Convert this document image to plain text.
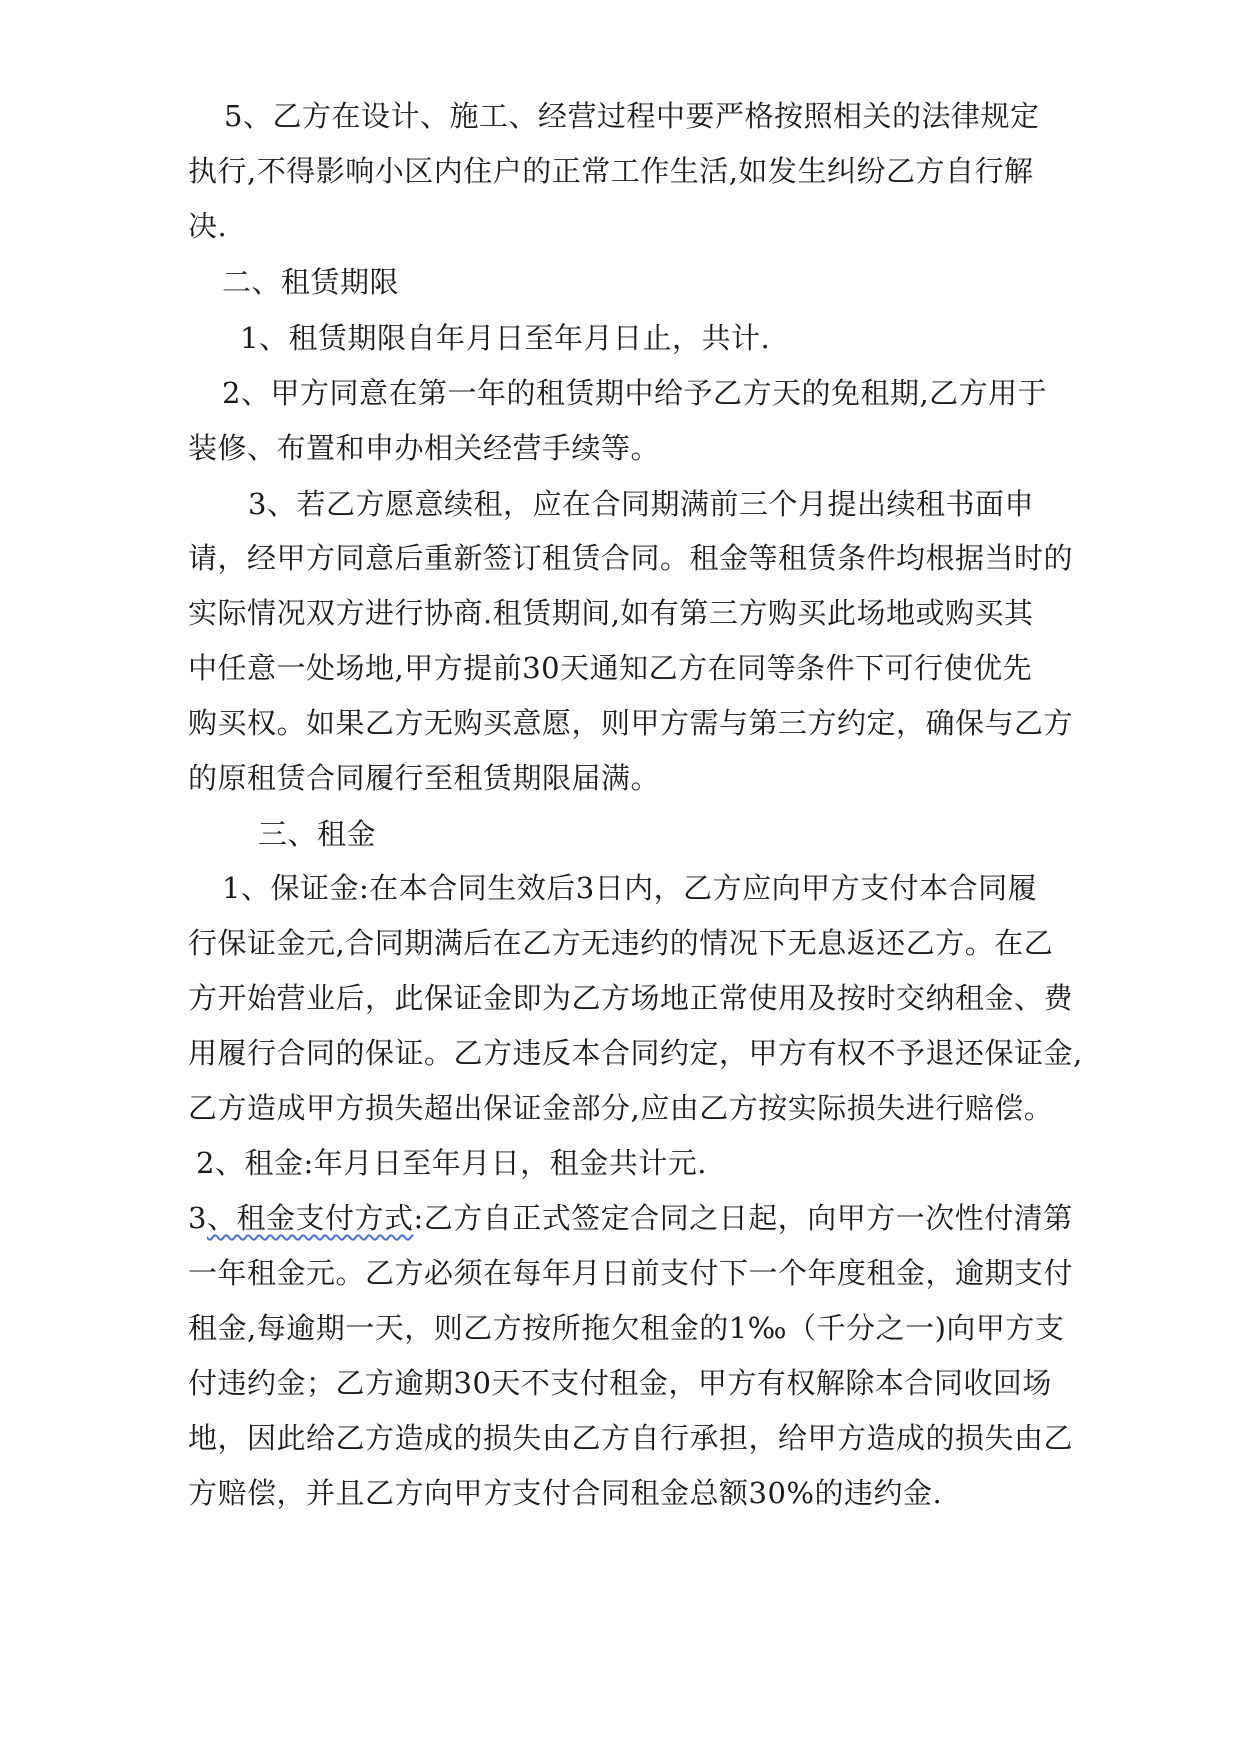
5、乙方在设计、施工、经营过程中要严格按照相关的法律规定
执行,不得影响小区内住户的正常工作生活,如发生纠纷乙方自行解
决.
二、租赁期限
1、租赁期限自年月日至年月日止，共计.
2、甲方同意在第一年的租赁期中给予乙方天的免租期,乙方用于
装修、布置和申办相关经营手续等。
3、若乙方愿意续租，应在合同期满前三个月提出续租书面申
请，经甲方同意后重新签订租赁合同。租金等租赁条件均根据当时的
实际情况双方进行协商.租赁期间,如有第三方购买此场地或购买其
中任意一处场地,甲方提前30天通知乙方在同等条件下可行使优先
购买权。如果乙方无购买意愿，则甲方需与第三方约定，确保与乙方
的原租赁合同履行至租赁期限届满。
三、租金
1、保证金:在本合同生效后3日内，乙方应向甲方支付本合同履
行保证金元,合同期满后在乙方无违约的情况下无息返还乙方。在乙
方开始营业后，此保证金即为乙方场地正常使用及按时交纳租金、费
用履行合同的保证。乙方违反本合同约定，甲方有权不予退还保证金,
乙方造成甲方损失超出保证金部分,应由乙方按实际损失进行赔偿。
2、租金:年月日至年月日，租金共计元.
3、租金支付方式:乙方自正式签定合同之日起，向甲方一次性付清第
一年租金元。乙方必须在每年月日前支付下一个年度租金，逾期支付
租金,每逾期一天，则乙方按所拖欠租金的1‰（千分之一)向甲方支
付违约金；乙方逾期30天不支付租金，甲方有权解除本合同收回场
地，因此给乙方造成的损失由乙方自行承担，给甲方造成的损失由乙
方赔偿，并且乙方向甲方支付合同租金总额30%的违约金.
